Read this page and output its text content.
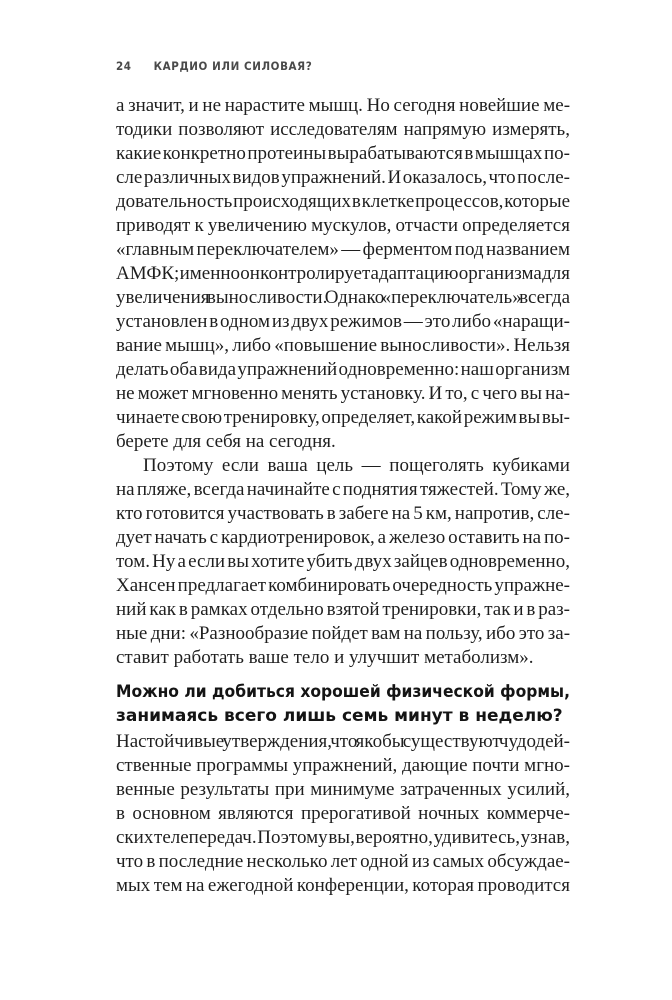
24 КАРДИО ИЛИ СИЛОВАЯ?
а значит, и не нарастите мышц. Но сегодня новейшие ме-
тодики позволяют исследователям напрямую измерять,
какие конкретно протеины вырабатываются в мышцах по-
сле различных видов упражнений. И оказалось, что после-
довательность происходящих в клетке процессов, которые
приводят к увеличению мускулов, отчасти определяется
«главным переключателем» — ферментом под названием
АМФК; именно он контролирует адаптацию организма для
увеличения выносливости. Однако «переключатель» всегда
установлен в одном из двух режимов — это либо «наращи-
вание мышц», либо «повышение выносливости». Нельзя
делать оба вида упражнений одновременно: наш организм
не может мгновенно менять установку. И то, с чего вы на-
чинаете свою тренировку, определяет, какой режим вы вы-
берете для себя на сегодня.
Поэтому если ваша цель — пощеголять кубиками
на пляже, всегда начинайте с поднятия тяжестей. Тому же,
кто готовится участвовать в забеге на 5 км, напротив, сле-
дует начать с кардиотренировок, а железо оставить на по-
том. Ну а если вы хотите убить двух зайцев одновременно,
Хансен предлагает комбинировать очередность упражне-
ний как в рамках отдельно взятой тренировки, так и в раз-
ные дни: «Разнообразие пойдет вам на пользу, ибо это за-
ставит работать ваше тело и улучшит метаболизм».
Можно ли добиться хорошей физической формы,
занимаясь всего лишь семь минут в неделю?
Настойчивые утверждения, что якобы существуют чудодей-
ственные программы упражнений, дающие почти мгно-
венные результаты при минимуме затраченных усилий,
в основном являются прерогативой ночных коммерче-
ских телепередач. Поэтому вы, вероятно, удивитесь, узнав,
что в последние несколько лет одной из самых обсуждае-
мых тем на ежегодной конференции, которая проводится
